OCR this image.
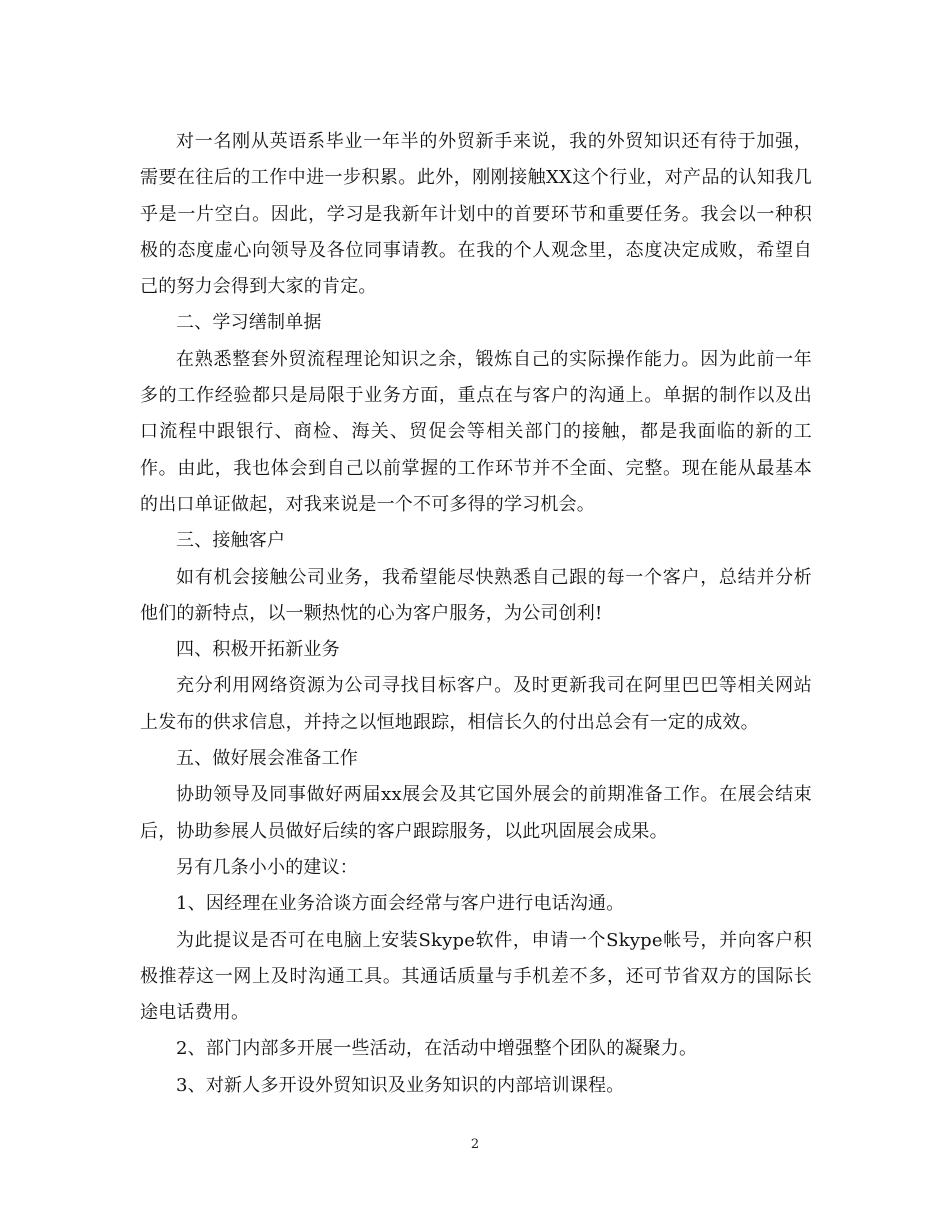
对一名刚从英语系毕业一年半的外贸新手来说，我的外贸知识还有待于加强，需要在往后的工作中进一步积累。此外，刚刚接触XX这个行业，对产品的认知我几乎是一片空白。因此，学习是我新年计划中的首要环节和重要任务。我会以一种积极的态度虚心向领导及各位同事请教。在我的个人观念里，态度决定成败，希望自己的努力会得到大家的肯定。

二、学习缮制单据

在熟悉整套外贸流程理论知识之余，锻炼自己的实际操作能力。因为此前一年多的工作经验都只是局限于业务方面，重点在与客户的沟通上。单据的制作以及出口流程中跟银行、商检、海关、贸促会等相关部门的接触，都是我面临的新的工作。由此，我也体会到自己以前掌握的工作环节并不全面、完整。现在能从最基本的出口单证做起，对我来说是一个不可多得的学习机会。

三、接触客户

如有机会接触公司业务，我希望能尽快熟悉自己跟的每一个客户，总结并分析他们的新特点，以一颗热忱的心为客户服务，为公司创利!

四、积极开拓新业务

充分利用网络资源为公司寻找目标客户。及时更新我司在阿里巴巴等相关网站上发布的供求信息，并持之以恒地跟踪，相信长久的付出总会有一定的成效。

五、做好展会准备工作

协助领导及同事做好两届xx展会及其它国外展会的前期准备工作。在展会结束后，协助参展人员做好后续的客户跟踪服务，以此巩固展会成果。

另有几条小小的建议：

1、因经理在业务洽谈方面会经常与客户进行电话沟通。

为此提议是否可在电脑上安装Skype软件，申请一个Skype帐号，并向客户积极推荐这一网上及时沟通工具。其通话质量与手机差不多，还可节省双方的国际长途电话费用。

2、部门内部多开展一些活动，在活动中增强整个团队的凝聚力。

3、对新人多开设外贸知识及业务知识的内部培训课程。

2
